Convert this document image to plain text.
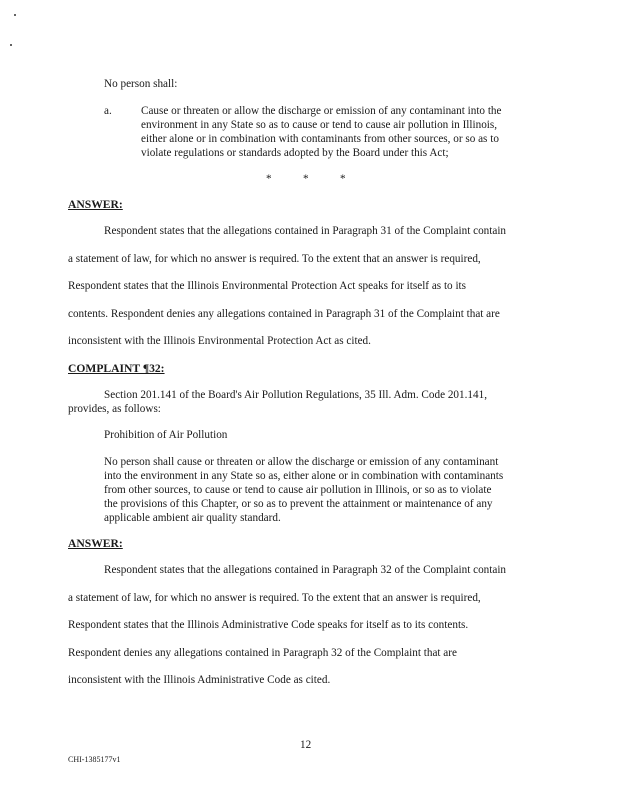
No person shall:
a.	Cause or threaten or allow the discharge or emission of any contaminant into the
environment in any State so as to cause or tend to cause air pollution in Illinois,
either alone or in combination with contaminants from other sources, or so as to
violate regulations or standards adopted by the Board under this Act;
*	*	*
ANSWER:
Respondent states that the allegations contained in Paragraph 31 of the Complaint contain
a statement of law, for which no answer is required. To the extent that an answer is required,
Respondent states that the Illinois Environmental Protection Act speaks for itself as to its
contents. Respondent denies any allegations contained in Paragraph 31 of the Complaint that are
inconsistent with the Illinois Environmental Protection Act as cited.
COMPLAINT ¶32:
Section 201.141 of the Board's Air Pollution Regulations, 35 Ill. Adm. Code 201.141,
provides, as follows:
Prohibition of Air Pollution
No person shall cause or threaten or allow the discharge or emission of any contaminant
into the environment in any State so as, either alone or in combination with contaminants
from other sources, to cause or tend to cause air pollution in Illinois, or so as to violate
the provisions of this Chapter, or so as to prevent the attainment or maintenance of any
applicable ambient air quality standard.
ANSWER:
Respondent states that the allegations contained in Paragraph 32 of the Complaint contain
a statement of law, for which no answer is required. To the extent that an answer is required,
Respondent states that the Illinois Administrative Code speaks for itself as to its contents.
Respondent denies any allegations contained in Paragraph 32 of the Complaint that are
inconsistent with the Illinois Administrative Code as cited.
12
CHI-1385177v1
